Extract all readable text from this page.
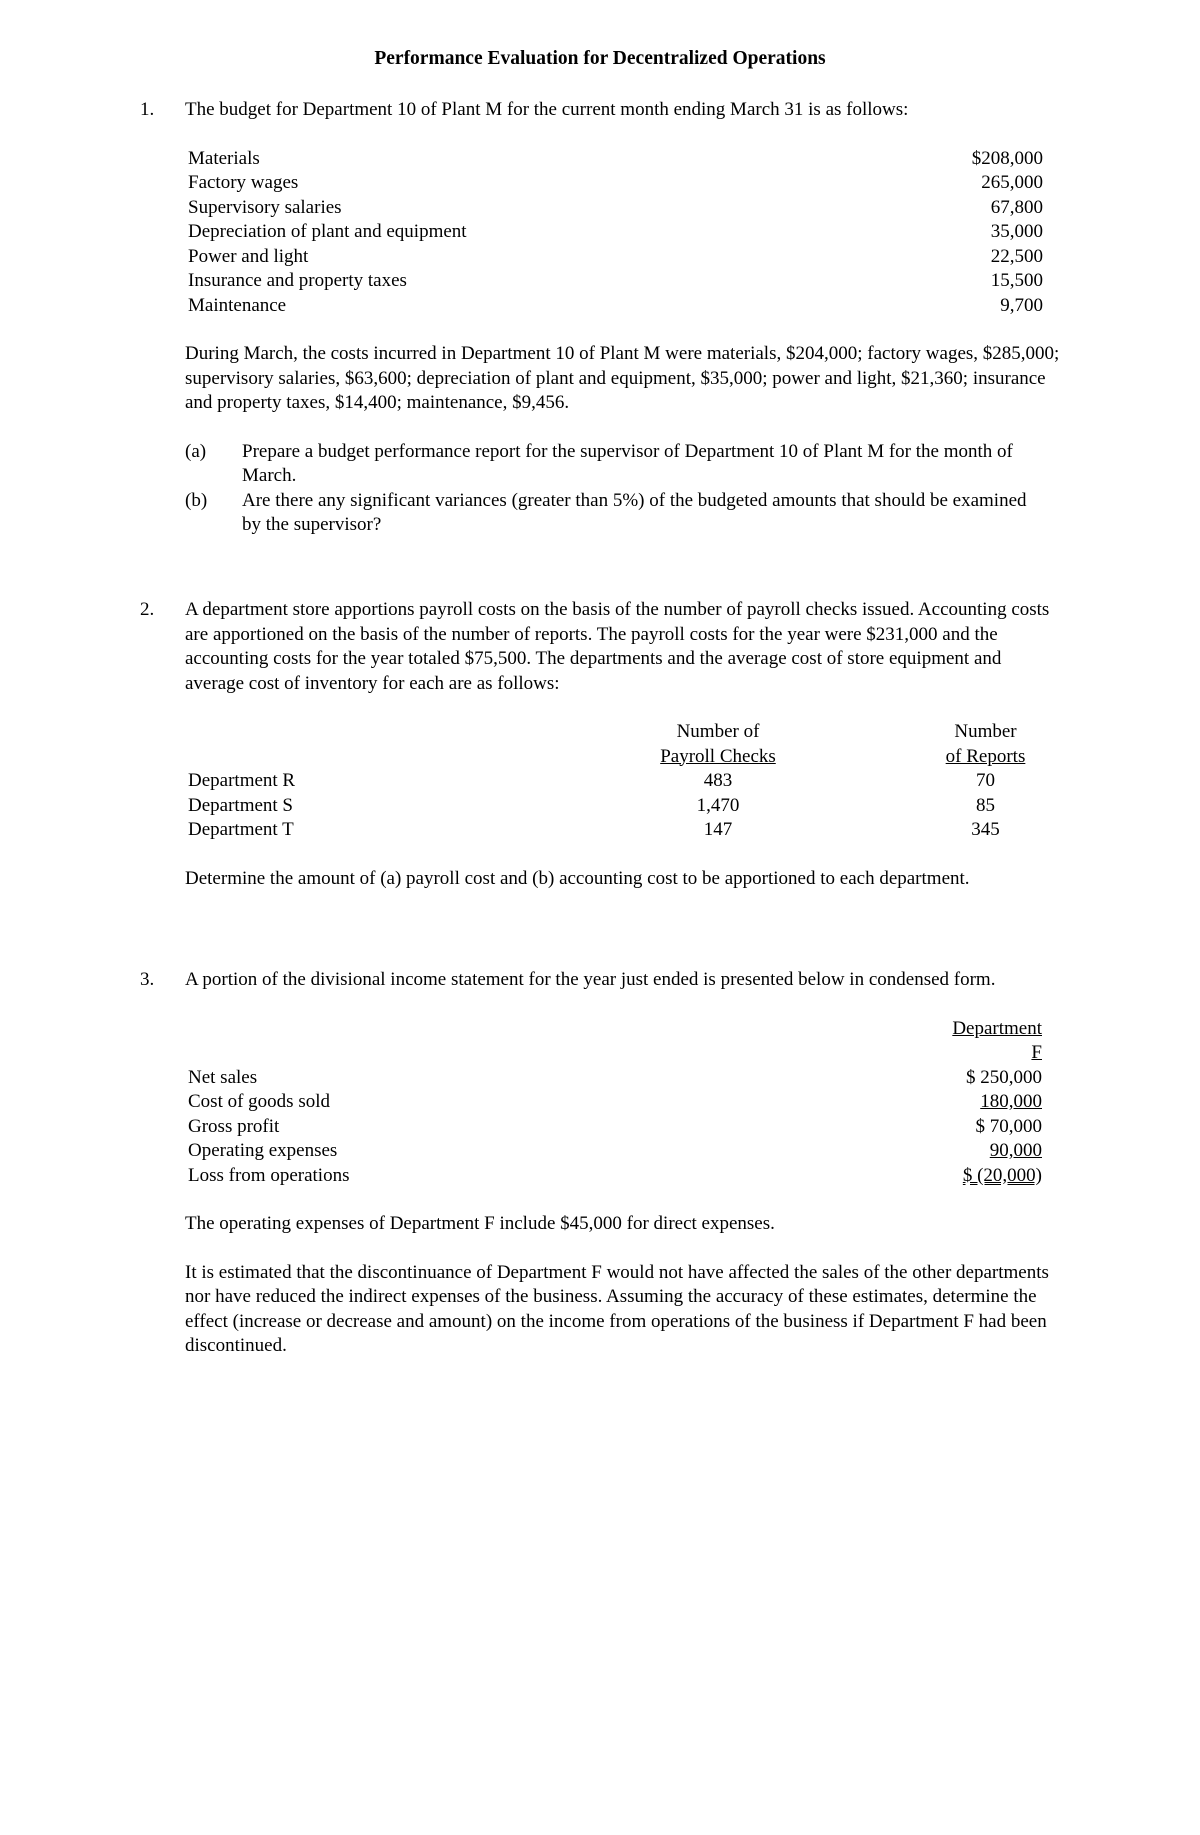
Performance Evaluation for Decentralized Operations
1. The budget for Department 10 of Plant M for the current month ending March 31 is as follows:

Materials	$208,000
Factory wages	265,000
Supervisory salaries	67,800
Depreciation of plant and equipment	35,000
Power and light	22,500
Insurance and property taxes	15,500
Maintenance	9,700

During March, the costs incurred in Department 10 of Plant M were materials, $204,000; factory wages, $285,000; supervisory salaries, $63,600; depreciation of plant and equipment, $35,000; power and light, $21,360; insurance and property taxes, $14,400; maintenance, $9,456.

(a)	Prepare a budget performance report for the supervisor of Department 10 of Plant M for the month of March.
(b)	Are there any significant variances (greater than 5%) of the budgeted amounts that should be examined by the supervisor?
2. A department store apportions payroll costs on the basis of the number of payroll checks issued. Accounting costs are apportioned on the basis of the number of reports. The payroll costs for the year were $231,000 and the accounting costs for the year totaled $75,500. The departments and the average cost of store equipment and average cost of inventory for each are as follows:

	Number of		Number
	Payroll Checks		of Reports
Department R	483		70
Department S	1,470		85
Department T	147		345

Determine the amount of (a) payroll cost and (b) accounting cost to be apportioned to each department.

3. A portion of the divisional income statement for the year just ended is presented below in condensed form.

	Department F
Net sales	$ 250,000
Cost of goods sold	180,000
Gross profit	$ 70,000
Operating expenses	90,000
Loss from operations	$ (20,000)

The operating expenses of Department F include $45,000 for direct expenses.

It is estimated that the discontinuance of Department F would not have affected the sales of the other departments nor have reduced the indirect expenses of the business. Assuming the accuracy of these estimates, determine the effect (increase or decrease and amount) on the income from operations of the business if Department F had been discontinued.
